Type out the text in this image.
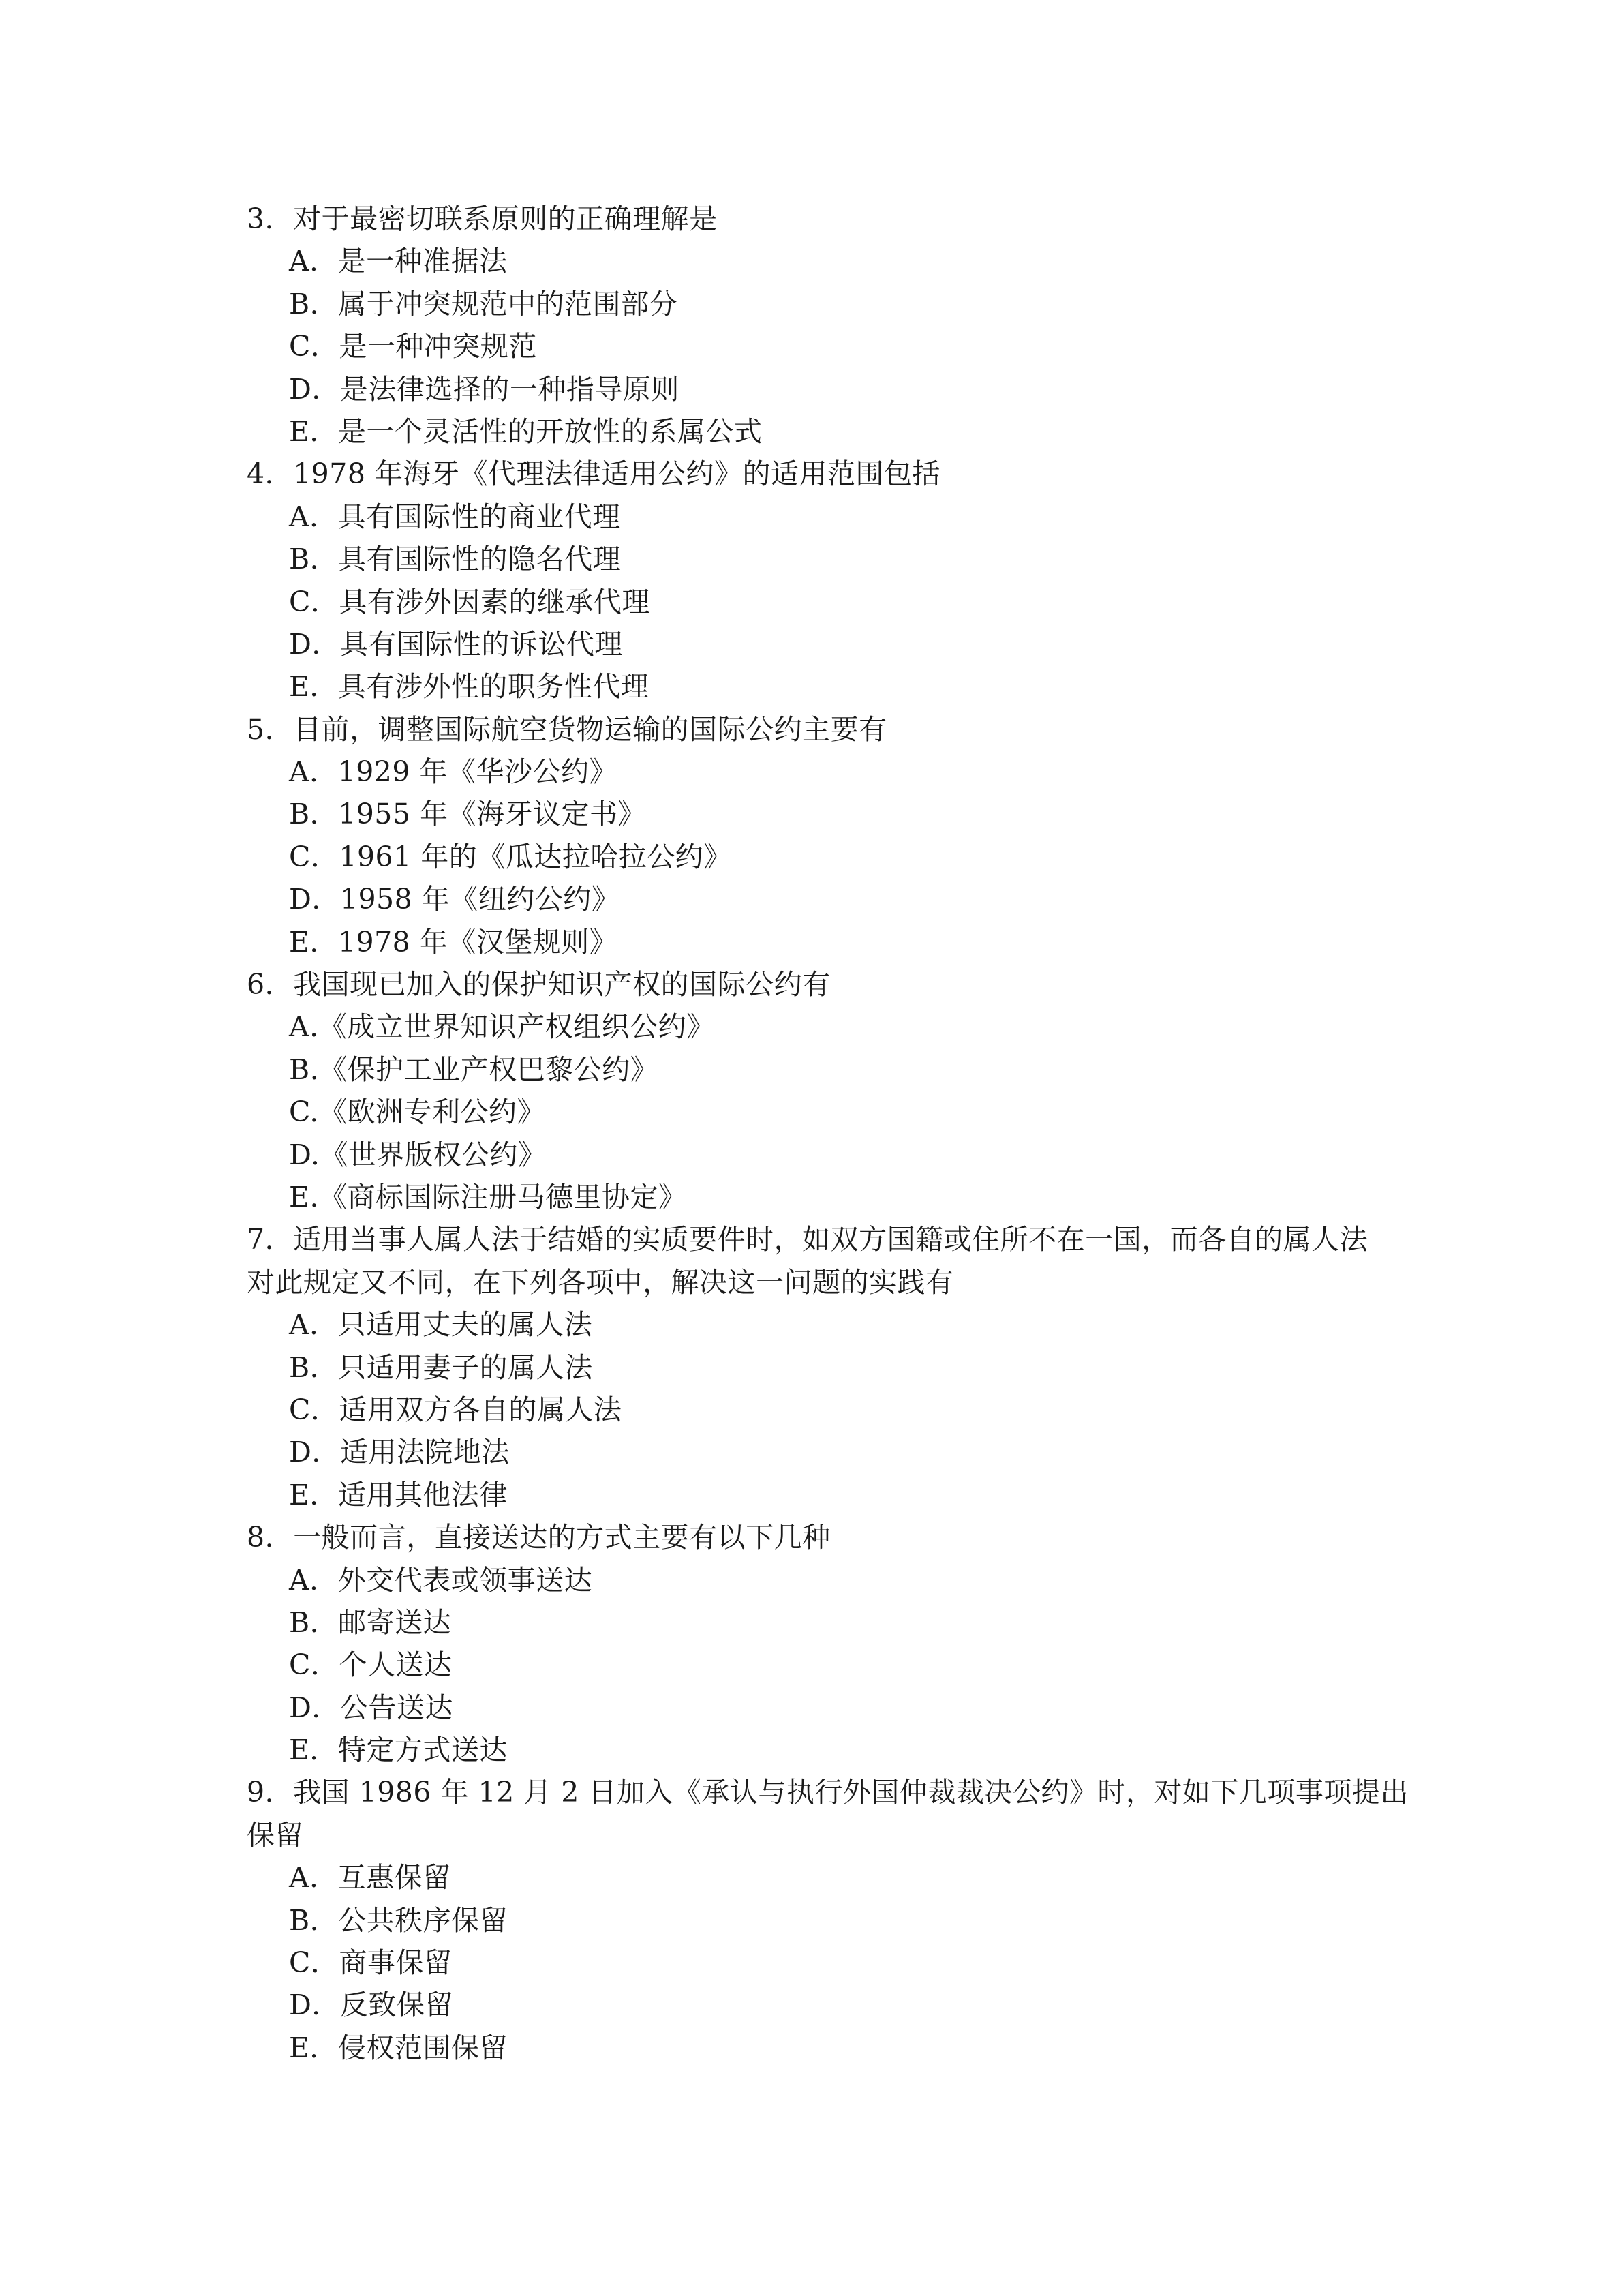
3．对于最密切联系原则的正确理解是
A．是一种准据法
B．属于冲突规范中的范围部分
C．是一种冲突规范
D．是法律选择的一种指导原则
E．是一个灵活性的开放性的系属公式
4．1978 年海牙《代理法律适用公约》的适用范围包括
A．具有国际性的商业代理
B．具有国际性的隐名代理
C．具有涉外因素的继承代理
D．具有国际性的诉讼代理
E．具有涉外性的职务性代理
5．目前，调整国际航空货物运输的国际公约主要有
A．1929 年《华沙公约》
B．1955 年《海牙议定书》
C．1961 年的《瓜达拉哈拉公约》
D．1958 年《纽约公约》
E．1978 年《汉堡规则》
6．我国现已加入的保护知识产权的国际公约有
A.《成立世界知识产权组织公约》
B.《保护工业产权巴黎公约》
C.《欧洲专利公约》
D.《世界版权公约》
E.《商标国际注册马德里协定》
7．适用当事人属人法于结婚的实质要件时，如双方国籍或住所不在一国，而各自的属人法
对此规定又不同，在下列各项中，解决这一问题的实践有
A．只适用丈夫的属人法
B．只适用妻子的属人法
C．适用双方各自的属人法
D．适用法院地法
E．适用其他法律
8．一般而言，直接送达的方式主要有以下几种
A．外交代表或领事送达
B．邮寄送达
C．个人送达
D．公告送达
E．特定方式送达
9．我国 1986 年 12 月 2 日加入《承认与执行外国仲裁裁决公约》时，对如下几项事项提出
保留
A．互惠保留
B．公共秩序保留
C．商事保留
D．反致保留
E．侵权范围保留
